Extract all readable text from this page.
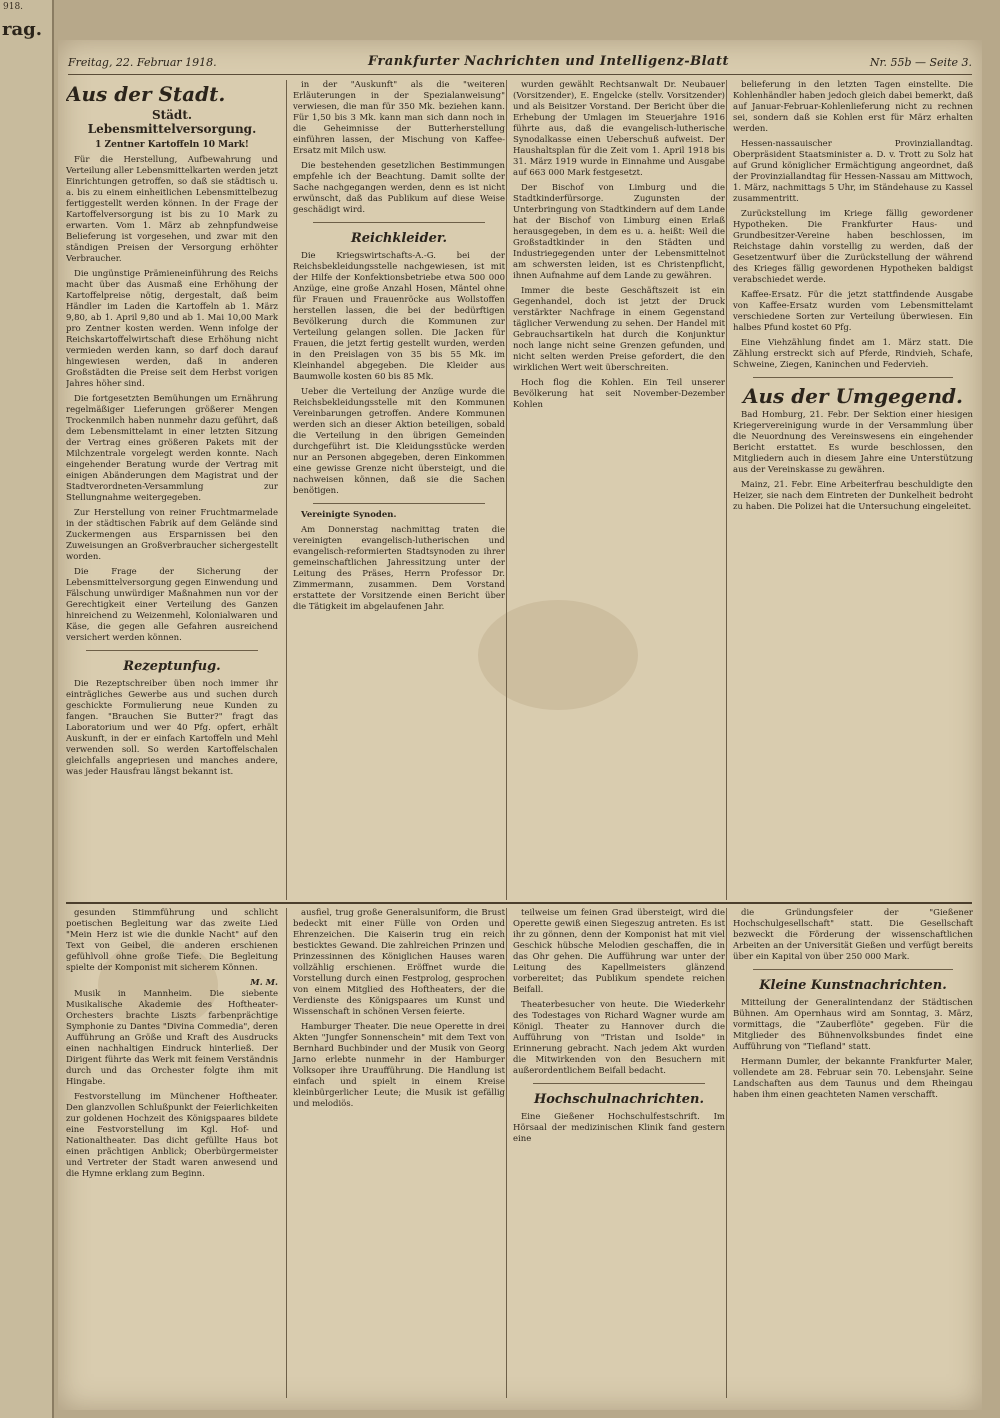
918.
rag.
Freitag, 22. Februar 1918.	Frankfurter Nachrichten und Intelligenz-Blatt	Nr. 55b — Seite 3.
Aus der Stadt.
Städt. Lebensmittelversorgung.
1 Zentner Kartoffeln 10 Mark!

Für die Herstellung, Aufbewahrung und Verteilung aller Lebensmittelkarten werden jetzt Einrichtungen getroffen, so daß sie städtisch u. a. bis zu einem einheitlichen Lebensmittelbezug fertiggestellt werden können. In der Frage der Kartoffelversorgung ist bis zu 10 Mark zu erwarten. Vom 1. März ab zehnpfundweise Belieferung ist vorgesehen, und zwar mit den ständigen Preisen der Versorgung erhöhter Verbraucher.

Die ungünstige Prämieneinführung des Reichs macht über das Ausmaß eine Erhöhung der Kartoffelpreise nötig, dergestalt, daß beim Händler im Laden die Kartoffeln ab 1. März 9,80, ab 1. April 9,80 und ab 1. Mai 10,00 Mark pro Zentner kosten werden. Wenn infolge der Reichskartoffelwirtschaft diese Erhöhung nicht vermieden werden kann, so darf doch darauf hingewiesen werden, daß in anderen Großstädten die Preise seit dem Herbst vorigen Jahres höher sind.

Die fortgesetzten Bemühungen um Ernährung regelmäßiger Lieferungen größerer Mengen Trockenmilch haben nunmehr dazu geführt, daß dem Lebensmittelamt in einer letzten Sitzung der Vertrag eines größeren Pakets mit der Milchzentrale vorgelegt werden konnte. Nach eingehender Beratung wurde der Vertrag mit einigen Abänderungen dem Magistrat und der Stadtverordneten-Versammlung zur Stellungnahme weitergegeben.

Zur Herstellung von reiner Fruchtmarmelade in der städtischen Fabrik auf dem Gelände sind Zuckermengen aus Ersparnissen bei den Zuweisungen an Großverbraucher sichergestellt worden.

Die Frage der Sicherung der Lebensmittelversorgung gegen Einwendung und Fälschung unwürdiger Maßnahmen nun vor der Gerechtigkeit einer Verteilung des Ganzen hinreichend zu Weizenmehl, Kolonialwaren und Käse, die gegen alle Gefahren ausreichend versichert werden können.

Rezeptunfug.

Die Rezeptschreiber üben noch immer ihr einträgliches Gewerbe aus und suchen durch geschickte Formulierung neue Kunden zu fangen. "Brauchen Sie Butter?" fragt das Laboratorium und wer 40 Pfg. opfert, erhält Auskunft, in der er einfach Kartoffeln und Mehl verwenden soll. So werden Kartoffelschalen gleichfalls angepriesen und manches andere, was jeder Hausfrau längst bekannt ist.

in der "Auskunft" als die "weiteren Erläuterungen in der Spezialanweisung" verwiesen, die man für 350 Mk. beziehen kann. Für 1,50 bis 3 Mk. kann man sich dann noch in die Geheimnisse der Butterherstellung einführen lassen, der Mischung von Kaffee-Ersatz mit Milch usw.

Die bestehenden gesetzlichen Bestimmungen empfehle ich der Beachtung. Damit sollte der Sache nachgegangen werden, denn es ist nicht erwünscht, daß das Publikum auf diese Weise geschädigt wird.

Reichkleider.

Die Kriegswirtschafts-A.-G. bei der Reichsbekleidungsstelle nachgewiesen, ist mit der Hilfe der Konfektionsbetriebe etwa 500 000 Anzüge, eine große Anzahl Hosen, Mäntel ohne für Frauen und Frauenröcke aus Wollstoffen herstellen lassen, die bei der bedürftigen Bevölkerung durch die Kommunen zur Verteilung gelangen sollen. Die Jacken für Frauen, die jetzt fertig gestellt wurden, werden in den Preislagen von 35 bis 55 Mk. im Kleinhandel abgegeben. Die Kleider aus Baumwolle kosten 60 bis 85 Mk.

Ueber die Verteilung der Anzüge wurde die Reichsbekleidungsstelle mit den Kommunen Vereinbarungen getroffen. Andere Kommunen werden sich an dieser Aktion beteiligen, sobald die Verteilung in den übrigen Gemeinden durchgeführt ist. Die Kleidungsstücke werden nur an Personen abgegeben, deren Einkommen eine gewisse Grenze nicht übersteigt, und die nachweisen können, daß sie die Sachen benötigen.

Vereinigte Synoden.

Am Donnerstag nachmittag traten die vereinigten evangelisch-lutherischen und evangelisch-reformierten Stadtsynoden zu ihrer gemeinschaftlichen Jahressitzung unter der Leitung des Präses, Herrn Professor Dr. Zimmermann, zusammen. Dem Vorstand erstattete der Vorsitzende einen Bericht über die Tätigkeit im abgelaufenen Jahr.

wurden gewählt Rechtsanwalt Dr. Neubauer (Vorsitzender), E. Engelcke (stellv. Vorsitzender) und als Beisitzer Vorstand. Der Bericht über die Erhebung der Umlagen im Steuerjahre 1916 führte aus, daß die evangelisch-lutherische Synodalkasse einen Ueberschuß aufweist. Der Haushaltsplan für die Zeit vom 1. April 1918 bis 31. März 1919 wurde in Einnahme und Ausgabe auf 663 000 Mark festgesetzt.

Der Bischof von Limburg und die Stadtkinderfürsorge. Zugunsten der Unterbringung von Stadtkindern auf dem Lande hat der Bischof von Limburg einen Erlaß herausgegeben, in dem es u. a. heißt: Weil die Großstadtkinder in den Städten und Industriegegenden unter der Lebensmittelnot am schwersten leiden, ist es Christenpflicht, ihnen Aufnahme auf dem Lande zu gewähren.

Immer die beste Geschäftszeit ist ein Gegenhandel, doch ist jetzt der Druck verstärkter Nachfrage in einem Gegenstand täglicher Verwendung zu sehen. Der Handel mit Gebrauchsartikeln hat durch die Konjunktur noch lange nicht seine Grenzen gefunden, und nicht selten werden Preise gefordert, die den wirklichen Wert weit überschreiten.

Hoch flog die Kohlen. Ein Teil unserer Bevölkerung hat seit November-Dezember Kohlen

belieferung in den letzten Tagen einstellte. Die Kohlenhändler haben jedoch gleich dabei bemerkt, daß auf Januar-Februar-Kohlenlieferung nicht zu rechnen sei, sondern daß sie Kohlen erst für März erhalten werden.

Hessen-nassauischer Provinziallandtag. Oberpräsident Staatsminister a. D. v. Trott zu Solz hat auf Grund königlicher Ermächtigung angeordnet, daß der Provinziallandtag für Hessen-Nassau am Mittwoch, 1. März, nachmittags 5 Uhr, im Ständehause zu Kassel zusammentritt.

Zurückstellung im Kriege fällig gewordener Hypotheken. Die Frankfurter Haus- und Grundbesitzer-Vereine haben beschlossen, im Reichstage dahin vorstellig zu werden, daß der Gesetzentwurf über die Zurückstellung der während des Krieges fällig gewordenen Hypotheken baldigst verabschiedet werde.

Kaffee-Ersatz. Für die jetzt stattfindende Ausgabe von Kaffee-Ersatz wurden vom Lebensmittelamt verschiedene Sorten zur Verteilung überwiesen. Ein halbes Pfund kostet 60 Pfg.

Eine Viehzählung findet am 1. März statt. Die Zählung erstreckt sich auf Pferde, Rindvieh, Schafe, Schweine, Ziegen, Kaninchen und Federvieh.

Aus der Umgegend.

Bad Homburg, 21. Febr. Der Sektion einer hiesigen Kriegervereinigung wurde in der Versammlung über die Neuordnung des Vereinswesens ein eingehender Bericht erstattet. Es wurde beschlossen, den Mitgliedern auch in diesem Jahre eine Unterstützung aus der Vereinskasse zu gewähren.

Mainz, 21. Febr. Eine Arbeiterfrau beschuldigte den Heizer, sie nach dem Eintreten der Dunkelheit bedroht zu haben. Die Polizei hat die Untersuchung eingeleitet.

gesunden Stimmführung und schlicht poetischen Begleitung war das zweite Lied "Mein Herz ist wie die dunkle Nacht" auf den Text von Geibel, die anderen erschienen gefühlvoll ohne große Tiefe. Die Begleitung spielte der Komponist mit sicherem Können.

M. M.

Musik in Mannheim. Die siebente Musikalische Akademie des Hoftheater-Orchesters brachte Liszts farbenprächtige Symphonie zu Dantes "Divina Commedia", deren Aufführung an Größe und Kraft des Ausdrucks einen nachhaltigen Eindruck hinterließ. Der Dirigent führte das Werk mit feinem Verständnis durch und das Orchester folgte ihm mit Hingabe.

Festvorstellung im Münchener Hoftheater. Den glanzvollen Schlußpunkt der Feierlichkeiten zur goldenen Hochzeit des Königspaares bildete eine Festvorstellung im Kgl. Hof- und Nationaltheater. Das dicht gefüllte Haus bot einen prächtigen Anblick; Oberbürgermeister und Vertreter der Stadt waren anwesend und die Hymne erklang zum Beginn.

ausfiel, trug große Generalsuniform, die Brust bedeckt mit einer Fülle von Orden und Ehrenzeichen. Die Kaiserin trug ein reich besticktes Gewand. Die zahlreichen Prinzen und Prinzessinnen des Königlichen Hauses waren vollzählig erschienen. Eröffnet wurde die Vorstellung durch einen Festprolog, gesprochen von einem Mitglied des Hoftheaters, der die Verdienste des Königspaares um Kunst und Wissenschaft in schönen Versen feierte.

Hamburger Theater. Die neue Operette in drei Akten "Jungfer Sonnenschein" mit dem Text von Bernhard Buchbinder und der Musik von Georg Jarno erlebte nunmehr in der Hamburger Volksoper ihre Uraufführung. Die Handlung ist einfach und spielt in einem Kreise kleinbürgerlicher Leute; die Musik ist gefällig und melodiös.

teilweise um feinen Grad übersteigt, wird die Operette gewiß einen Siegeszug antreten. Es ist ihr zu gönnen, denn der Komponist hat mit viel Geschick hübsche Melodien geschaffen, die in das Ohr gehen. Die Aufführung war unter der Leitung des Kapellmeisters glänzend vorbereitet; das Publikum spendete reichen Beifall.

Theaterbesucher von heute. Die Wiederkehr des Todestages von Richard Wagner wurde am Königl. Theater zu Hannover durch die Aufführung von "Tristan und Isolde" in Erinnerung gebracht. Nach jedem Akt wurden die Mitwirkenden von den Besuchern mit außerordentlichem Beifall bedacht.

Hochschulnachrichten.

Eine Gießener Hochschulfestschrift. Im Hörsaal der medizinischen Klinik fand gestern eine

die Gründungsfeier der "Gießener Hochschulgesellschaft" statt. Die Gesellschaft bezweckt die Förderung der wissenschaftlichen Arbeiten an der Universität Gießen und verfügt bereits über ein Kapital von über 250 000 Mark.

Kleine Kunstnachrichten.

Mitteilung der Generalintendanz der Städtischen Bühnen. Am Opernhaus wird am Sonntag, 3. März, vormittags, die "Zauberflöte" gegeben. Für die Mitglieder des Bühnenvolksbundes findet eine Aufführung von "Tiefland" statt.

Hermann Dumler, der bekannte Frankfurter Maler, vollendete am 28. Februar sein 70. Lebensjahr. Seine Landschaften aus dem Taunus und dem Rheingau haben ihm einen geachteten Namen verschafft.
